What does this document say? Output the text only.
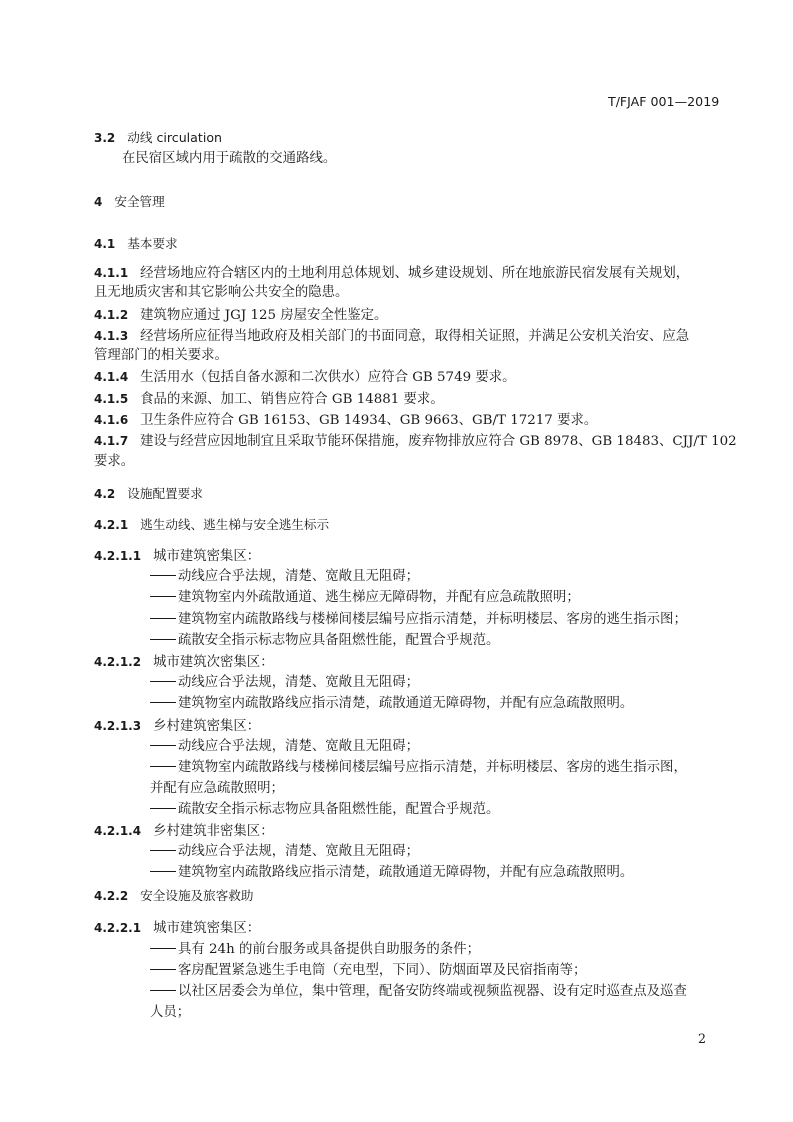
T/FJAF 001—2019
3.2 动线 circulation
在民宿区域内用于疏散的交通路线。
4 安全管理
4.1 基本要求
4.1.1 经营场地应符合辖区内的土地利用总体规划、城乡建设规划、所在地旅游民宿发展有关规划，
且无地质灾害和其它影响公共安全的隐患。
4.1.2 建筑物应通过 JGJ 125 房屋安全性鉴定。
4.1.3 经营场所应征得当地政府及相关部门的书面同意，取得相关证照，并满足公安机关治安、应急
管理部门的相关要求。
4.1.4 生活用水（包括自备水源和二次供水）应符合 GB 5749 要求。
4.1.5 食品的来源、加工、销售应符合 GB 14881 要求。
4.1.6 卫生条件应符合 GB 16153、GB 14934、GB 9663、GB/T 17217 要求。
4.1.7 建设与经营应因地制宜且采取节能环保措施，废弃物排放应符合 GB 8978、GB 18483、CJJ/T 102
要求。
4.2 设施配置要求
4.2.1 逃生动线、逃生梯与安全逃生标示
4.2.1.1 城市建筑密集区：
动线应合乎法规，清楚、宽敞且无阻碍；
建筑物室内外疏散通道、逃生梯应无障碍物，并配有应急疏散照明；
建筑物室内疏散路线与楼梯间楼层编号应指示清楚，并标明楼层、客房的逃生指示图；
疏散安全指示标志物应具备阻燃性能，配置合乎规范。
4.2.1.2 城市建筑次密集区：
动线应合乎法规，清楚、宽敞且无阻碍；
建筑物室内疏散路线应指示清楚，疏散通道无障碍物，并配有应急疏散照明。
4.2.1.3 乡村建筑密集区：
动线应合乎法规，清楚、宽敞且无阻碍；
建筑物室内疏散路线与楼梯间楼层编号应指示清楚，并标明楼层、客房的逃生指示图，
并配有应急疏散照明；
疏散安全指示标志物应具备阻燃性能，配置合乎规范。
4.2.1.4 乡村建筑非密集区：
动线应合乎法规，清楚、宽敞且无阻碍；
建筑物室内疏散路线应指示清楚，疏散通道无障碍物，并配有应急疏散照明。
4.2.2 安全设施及旅客救助
4.2.2.1 城市建筑密集区：
具有 24h 的前台服务或具备提供自助服务的条件；
客房配置紧急逃生手电筒（充电型，下同）、防烟面罩及民宿指南等；
以社区居委会为单位，集中管理，配备安防终端或视频监视器、设有定时巡查点及巡查
人员；
2
